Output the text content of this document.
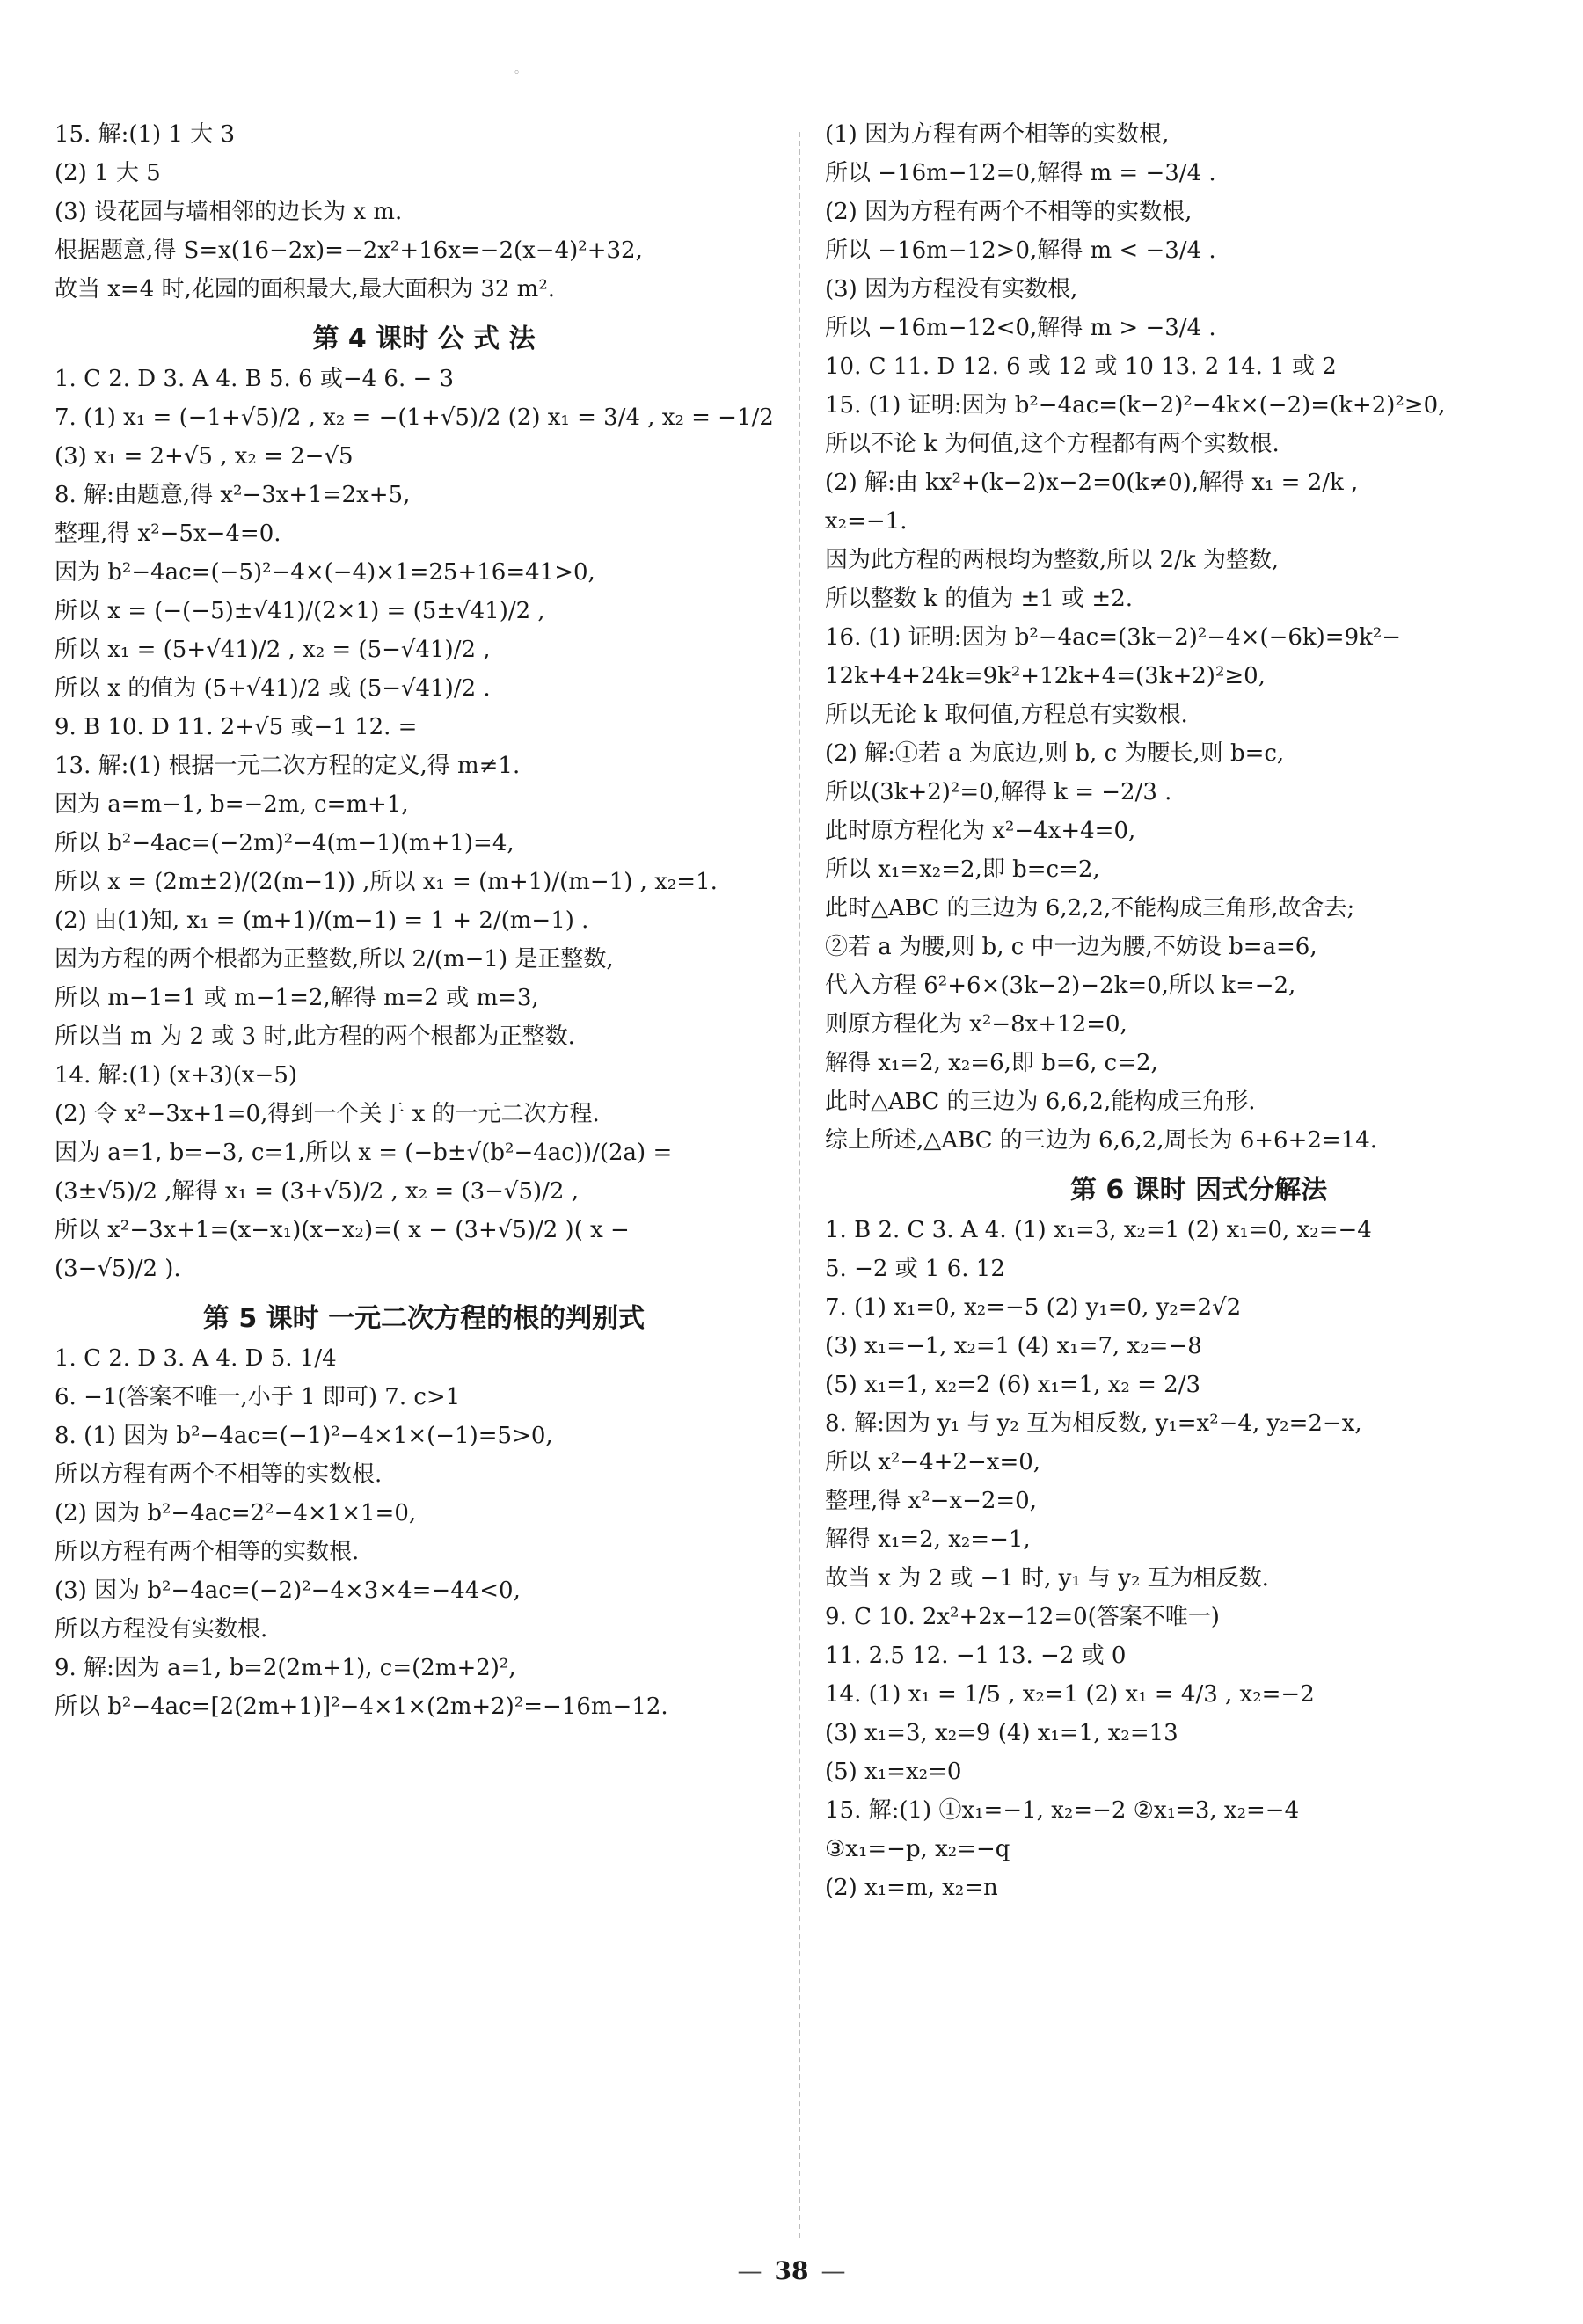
。
15. 解:(1) 1 大 3
(2) 1 大 5
(3) 设花园与墙相邻的边长为 x m.
根据题意,得 S=x(16−2x)=−2x²+16x=−2(x−4)²+32,
故当 x=4 时,花园的面积最大,最大面积为 32 m².
第 4 课时 公 式 法
1. C 2. D 3. A 4. B 5. 6 或−4 6. − 3
7. (1) x₁ = (−1+√5)/2 , x₂ = −(1+√5)/2 (2) x₁ = 3/4 , x₂ = −1/2
(3) x₁ = 2+√5 , x₂ = 2−√5
8. 解:由题意,得 x²−3x+1=2x+5,
整理,得 x²−5x−4=0.
因为 b²−4ac=(−5)²−4×(−4)×1=25+16=41>0,
所以 x = (−(−5)±√41)/(2×1) = (5±√41)/2 ,
所以 x₁ = (5+√41)/2 , x₂ = (5−√41)/2 ,
所以 x 的值为 (5+√41)/2 或 (5−√41)/2 .
9. B 10. D 11. 2+√5 或−1 12. =
13. 解:(1) 根据一元二次方程的定义,得 m≠1.
因为 a=m−1, b=−2m, c=m+1,
所以 b²−4ac=(−2m)²−4(m−1)(m+1)=4,
所以 x = (2m±2)/(2(m−1)) ,所以 x₁ = (m+1)/(m−1) , x₂=1.
(2) 由(1)知, x₁ = (m+1)/(m−1) = 1 + 2/(m−1) .
因为方程的两个根都为正整数,所以 2/(m−1) 是正整数,
所以 m−1=1 或 m−1=2,解得 m=2 或 m=3,
所以当 m 为 2 或 3 时,此方程的两个根都为正整数.
14. 解:(1) (x+3)(x−5)
(2) 令 x²−3x+1=0,得到一个关于 x 的一元二次方程.
因为 a=1, b=−3, c=1,所以 x = (−b±√(b²−4ac))/(2a) =
(3±√5)/2 ,解得 x₁ = (3+√5)/2 , x₂ = (3−√5)/2 ,
所以 x²−3x+1=(x−x₁)(x−x₂)=( x − (3+√5)/2 )( x −
(3−√5)/2 ).
第 5 课时 一元二次方程的根的判别式
1. C 2. D 3. A 4. D 5. 1/4
6. −1(答案不唯一,小于 1 即可) 7. c>1
8. (1) 因为 b²−4ac=(−1)²−4×1×(−1)=5>0,
所以方程有两个不相等的实数根.
(2) 因为 b²−4ac=2²−4×1×1=0,
所以方程有两个相等的实数根.
(3) 因为 b²−4ac=(−2)²−4×3×4=−44<0,
所以方程没有实数根.
9. 解:因为 a=1, b=2(2m+1), c=(2m+2)²,
所以 b²−4ac=[2(2m+1)]²−4×1×(2m+2)²=−16m−12.
(1) 因为方程有两个相等的实数根,
所以 −16m−12=0,解得 m = −3/4 .
(2) 因为方程有两个不相等的实数根,
所以 −16m−12>0,解得 m < −3/4 .
(3) 因为方程没有实数根,
所以 −16m−12<0,解得 m > −3/4 .
10. C 11. D 12. 6 或 12 或 10 13. 2 14. 1 或 2
15. (1) 证明:因为 b²−4ac=(k−2)²−4k×(−2)=(k+2)²≥0,
所以不论 k 为何值,这个方程都有两个实数根.
(2) 解:由 kx²+(k−2)x−2=0(k≠0),解得 x₁ = 2/k ,
x₂=−1.
因为此方程的两根均为整数,所以 2/k 为整数,
所以整数 k 的值为 ±1 或 ±2.
16. (1) 证明:因为 b²−4ac=(3k−2)²−4×(−6k)=9k²−
12k+4+24k=9k²+12k+4=(3k+2)²≥0,
所以无论 k 取何值,方程总有实数根.
(2) 解:①若 a 为底边,则 b, c 为腰长,则 b=c,
所以(3k+2)²=0,解得 k = −2/3 .
此时原方程化为 x²−4x+4=0,
所以 x₁=x₂=2,即 b=c=2,
此时△ABC 的三边为 6,2,2,不能构成三角形,故舍去;
②若 a 为腰,则 b, c 中一边为腰,不妨设 b=a=6,
代入方程 6²+6×(3k−2)−2k=0,所以 k=−2,
则原方程化为 x²−8x+12=0,
解得 x₁=2, x₂=6,即 b=6, c=2,
此时△ABC 的三边为 6,6,2,能构成三角形.
综上所述,△ABC 的三边为 6,6,2,周长为 6+6+2=14.
第 6 课时 因式分解法
1. B 2. C 3. A 4. (1) x₁=3, x₂=1 (2) x₁=0, x₂=−4
5. −2 或 1 6. 12
7. (1) x₁=0, x₂=−5 (2) y₁=0, y₂=2√2
(3) x₁=−1, x₂=1 (4) x₁=7, x₂=−8
(5) x₁=1, x₂=2 (6) x₁=1, x₂ = 2/3
8. 解:因为 y₁ 与 y₂ 互为相反数, y₁=x²−4, y₂=2−x,
所以 x²−4+2−x=0,
整理,得 x²−x−2=0,
解得 x₁=2, x₂=−1,
故当 x 为 2 或 −1 时, y₁ 与 y₂ 互为相反数.
9. C 10. 2x²+2x−12=0(答案不唯一)
11. 2.5 12. −1 13. −2 或 0
14. (1) x₁ = 1/5 , x₂=1 (2) x₁ = 4/3 , x₂=−2
(3) x₁=3, x₂=9 (4) x₁=1, x₂=13
(5) x₁=x₂=0
15. 解:(1) ①x₁=−1, x₂=−2 ②x₁=3, x₂=−4
③x₁=−p, x₂=−q
(2) x₁=m, x₂=n
— 38 —
